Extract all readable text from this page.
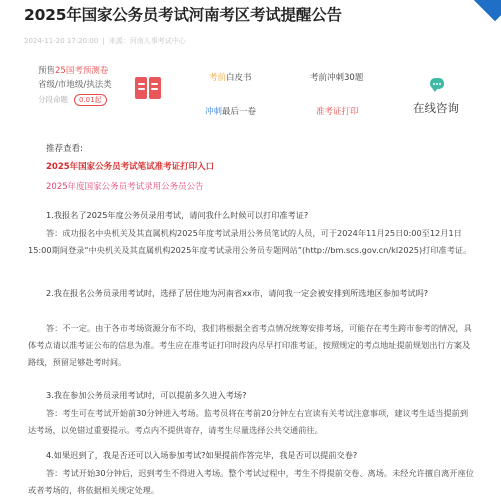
2025年国家公务员考试河南考区考试提醒公告
2024-11-20 17:20:00 | 来源：河南人事考试中心
预售25国考预测卷
省级/市地级/执法类
分段命题 0.01起
考前白皮书	考前冲刺30题
冲刺最后一卷	准考证打印	在线咨询
推荐查看:
2025年国家公务员考试笔试准考证打印入口
2025年度国家公务员考试录用公务员公告
1.我报名了2025年度公务员录用考试，请问我什么时候可以打印准考证?
答：成功报名中央机关及其直属机构2025年度考试录用公务员笔试的人员，可于2024年11月25日0:00至12月1日15:00期间登录“中央机关及其直属机构2025年度考试录用公务员专题网站”(http://bm.scs.gov.cn/kl2025)打印准考证。
2.我在报名公务员录用考试时，选择了居住地为河南省xx市，请问我一定会被安排到所选地区参加考试吗?
答：不一定。由于各市考场资源分布不均，我们将根据全省考点情况统筹安排考场，可能存在考生跨市参考的情况，具体考点请以准考证公布的信息为准。考生应在准考证打印时段内尽早打印准考证，按照规定的考点地址提前规划出行方案及路线，预留足够赴考时间。
3.我在参加公务员录用考试时，可以提前多久进入考场?
答：考生可在考试开始前30分钟进入考场。监考员将在考前20分钟左右宣读有关考试注意事项，建议考生适当提前到达考场，以免错过重要提示。考点内不提供寄存，请考生尽量选择公共交通前往。
4.如果迟到了，我是否还可以入场参加考试?如果提前作答完毕，我是否可以提前交卷?
答：考试开始30分钟后，迟到考生不得进入考场。整个考试过程中，考生不得提前交卷、离场。未经允许擅自离开座位或者考场的，将依据相关规定处理。
